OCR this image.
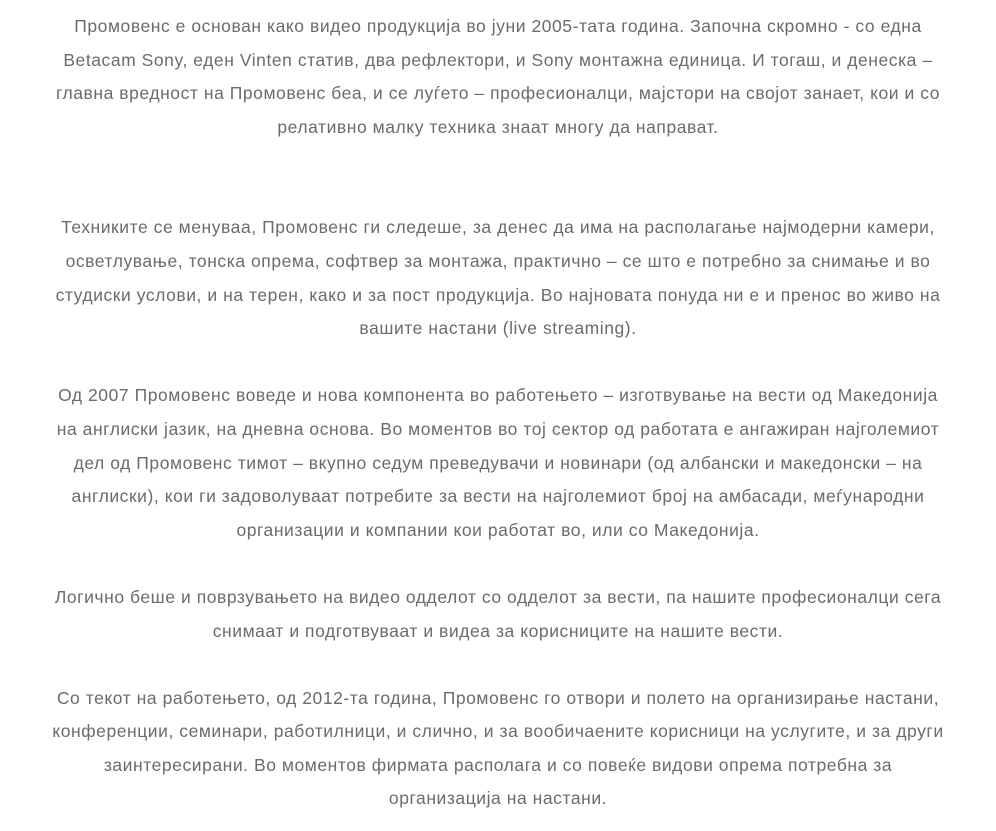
Промовенс е основан како видео продукција во јуни 2005-тата година. Започна скромно - со една Betacam Sony, еден Vinten статив, два рефлектори, и Sony монтажна единица. И тогаш, и денеска – главна вредност на Промовенс беа, и се луѓето – професионалци, мајстори на својот занает, кои и со релативно малку техника знаат многу да направат.

Техниките се менуваа, Промовенс ги следеше, за денес да има на располагање најмодерни камери, осветлување, тонска опрема, софтвер за монтажа, практично – се што е потребно за снимање и во студиски услови, и на терен, како и за пост продукција. Во најновата понуда ни е и пренос во живо на вашите настани (live streaming).

Од 2007 Промовенс воведе и нова компонента во работењето – изготвување на вести од Македонија на англиски јазик, на дневна основа. Во моментов во тој сектор од работата е ангажиран најголемиот дел од Промовенс тимот – вкупно седум преведувачи и новинари (од албански и македонски – на англиски), кои ги задоволуваат потребите за вести на најголемиот број на амбасади, меѓународни организации и компании кои работат во, или со Македонија.

Логично беше и поврзувањето на видео одделот со одделот за вести, па нашите професионалци сега снимаат и подготвуваат и видеа за корисниците на нашите вести.

Со текот на работењето, од 2012-та година, Промовенс го отвори и полето на организирање настани, конференции, семинари, работилници, и слично, и за вообичаените корисници на услугите, и за други заинтересирани. Во моментов фирмата располага и со повеќе видови опрема потребна за организација на настани.
